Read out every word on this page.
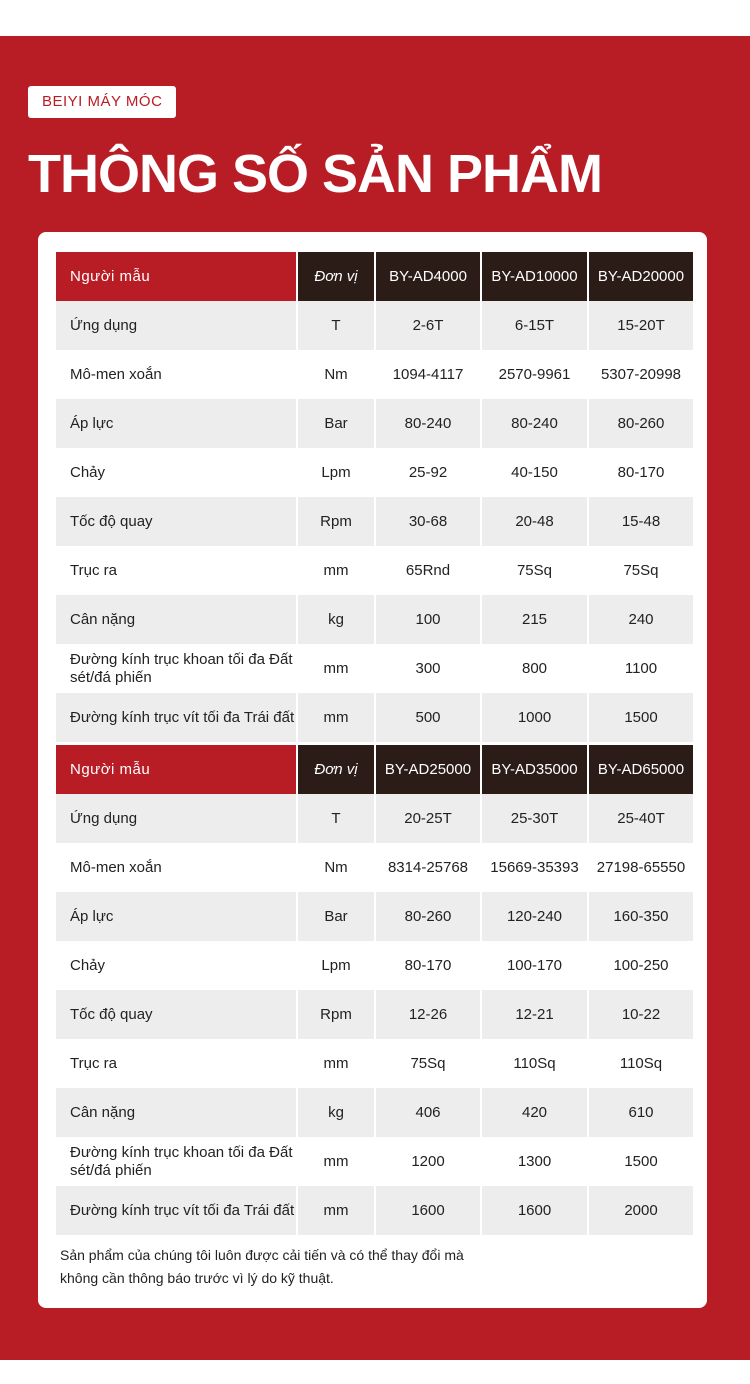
BEIYI MÁY MÓC
THÔNG SỐ SẢN PHẨM
Người mẫu	Đơn vị	BY-AD4000	BY-AD10000	BY-AD20000
Ứng dụng	T	2-6T	6-15T	15-20T
Mô-men xoắn	Nm	1094-4117	2570-9961	5307-20998
Áp lực	Bar	80-240	80-240	80-260
Chảy	Lpm	25-92	40-150	80-170
Tốc độ quay	Rpm	30-68	20-48	15-48
Trục ra	mm	65Rnd	75Sq	75Sq
Cân nặng	kg	100	215	240
Đường kính trục khoan tối đa Đất sét/đá phiến	mm	300	800	1100
Đường kính trục vít tối đa Trái đất	mm	500	1000	1500
Người mẫu	Đơn vị	BY-AD25000	BY-AD35000	BY-AD65000
Ứng dụng	T	20-25T	25-30T	25-40T
Mô-men xoắn	Nm	8314-25768	15669-35393	27198-65550
Áp lực	Bar	80-260	120-240	160-350
Chảy	Lpm	80-170	100-170	100-250
Tốc độ quay	Rpm	12-26	12-21	10-22
Trục ra	mm	75Sq	110Sq	110Sq
Cân nặng	kg	406	420	610
Đường kính trục khoan tối đa Đất sét/đá phiến	mm	1200	1300	1500
Đường kính trục vít tối đa Trái đất	mm	1600	1600	2000

Sản phẩm của chúng tôi luôn được cải tiến và có thể thay đổi mà không cần thông báo trước vì lý do kỹ thuật.
